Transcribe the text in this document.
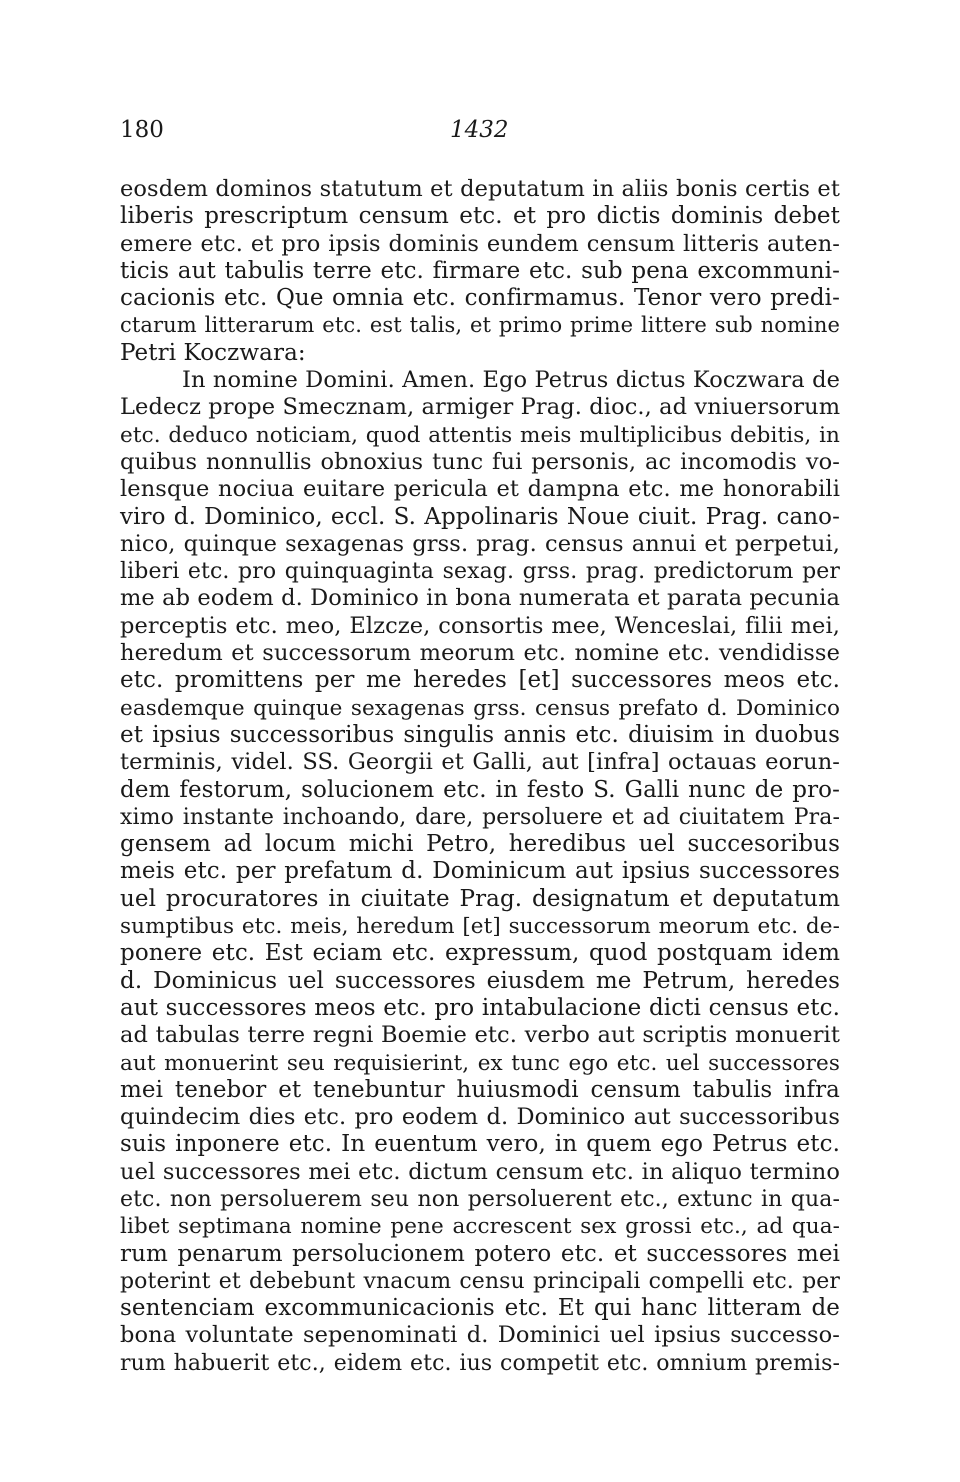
180	1432
eosdem dominos statutum et deputatum in aliis bonis certis et
liberis prescriptum censum etc. et pro dictis dominis debet
emere etc. et pro ipsis dominis eundem censum litteris auten-
ticis aut tabulis terre etc. firmare etc. sub pena excommuni-
cacionis etc. Que omnia etc. confirmamus. Tenor vero predi-
ctarum litterarum etc. est talis, et primo prime littere sub nomine
Petri Koczwara:
In nomine Domini. Amen. Ego Petrus dictus Koczwara de
Ledecz prope Smecznam, armiger Prag. dioc., ad vniuersorum
etc. deduco noticiam, quod attentis meis multiplicibus debitis, in
quibus nonnullis obnoxius tunc fui personis, ac incomodis vo-
lensque nociua euitare pericula et dampna etc. me honorabili
viro d. Dominico, eccl. S. Appolinaris Noue ciuit. Prag. cano-
nico, quinque sexagenas grss. prag. census annui et perpetui,
liberi etc. pro quinquaginta sexag. grss. prag. predictorum per
me ab eodem d. Dominico in bona numerata et parata pecunia
perceptis etc. meo, Elzcze, consortis mee, Wenceslai, filii mei,
heredum et successorum meorum etc. nomine etc. vendidisse
etc. promittens per me heredes [et] successores meos etc.
easdemque quinque sexagenas grss. census prefato d. Dominico
et ipsius successoribus singulis annis etc. diuisim in duobus
terminis, videl. SS. Georgii et Galli, aut [infra] octauas eorun-
dem festorum, solucionem etc. in festo S. Galli nunc de pro-
ximo instante inchoando, dare, persoluere et ad ciuitatem Pra-
gensem ad locum michi Petro, heredibus uel succesoribus
meis etc. per prefatum d. Dominicum aut ipsius successores
uel procuratores in ciuitate Prag. designatum et deputatum
sumptibus etc. meis, heredum [et] successorum meorum etc. de-
ponere etc. Est eciam etc. expressum, quod postquam idem
d. Dominicus uel successores eiusdem me Petrum, heredes
aut successores meos etc. pro intabulacione dicti census etc.
ad tabulas terre regni Boemie etc. verbo aut scriptis monuerit
aut monuerint seu requisierint, ex tunc ego etc. uel successores
mei tenebor et tenebuntur huiusmodi censum tabulis infra
quindecim dies etc. pro eodem d. Dominico aut successoribus
suis inponere etc. In euentum vero, in quem ego Petrus etc.
uel successores mei etc. dictum censum etc. in aliquo termino
etc. non persoluerem seu non persoluerent etc., extunc in qua-
libet septimana nomine pene accrescent sex grossi etc., ad qua-
rum penarum persolucionem potero etc. et successores mei
poterint et debebunt vnacum censu principali compelli etc. per
sentenciam excommunicacionis etc. Et qui hanc litteram de
bona voluntate sepenominati d. Dominici uel ipsius successo-
rum habuerit etc., eidem etc. ius competit etc. omnium premis-
